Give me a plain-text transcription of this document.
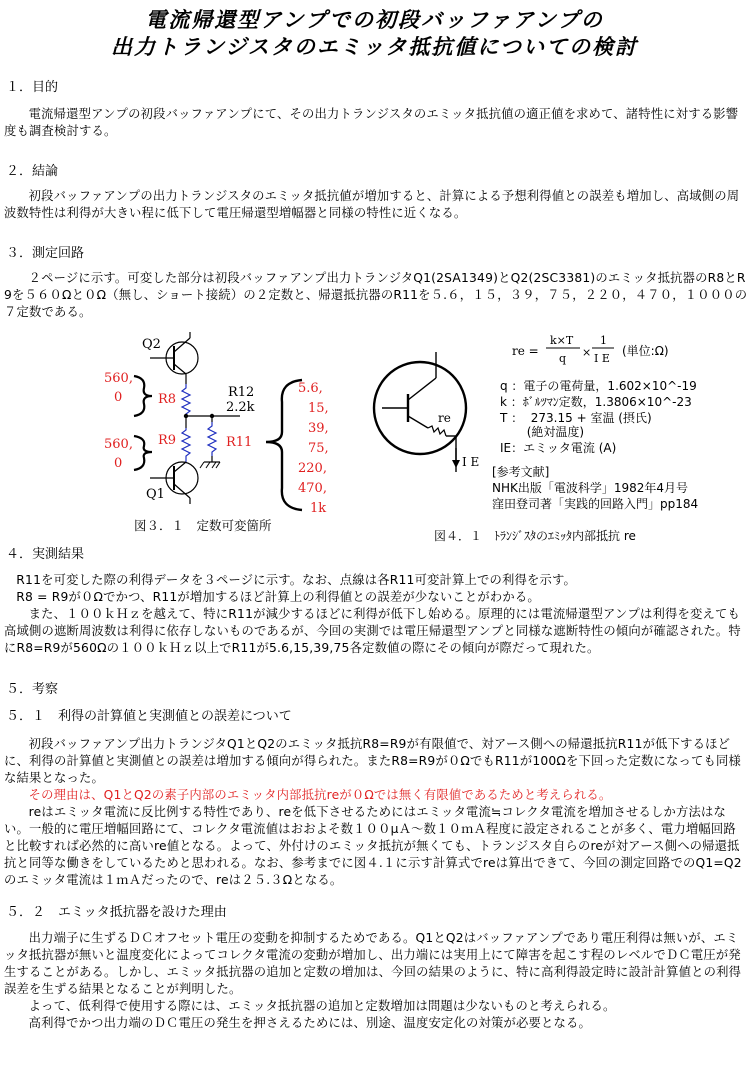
電流帰還型アンプでの初段バッファアンプの
出力トランジスタのエミッタ抵抗値についての検討
１．目的

電流帰還型アンプの初段バッファアンプにて、その出力トランジスタのエミッタ抵抗値の適正値を求めて、諸特性に対する影響度も調査検討する。

２．結論

初段バッファアンプの出力トランジスタのエミッタ抵抗値が増加すると、計算による予想利得値との誤差も増加し、高域側の周波数特性は利得が大きい程に低下して電圧帰還型増幅器と同様の特性に近くなる。

３．測定回路

２ページに示す。可変した部分は初段バッファアンプ出力トランジタQ1(2SA1349)とQ2(2SC3381)のエミッタ抵抗器のR8とR9を５６０Ωと０Ω（無し、ショート接続）の２定数と、帰還抵抗器のR11を５.６，１５，３９，７５，２２０，４７０，１０００の７定数である。

Q2
R8	R12
2.2k
R11
R9
Q1
560,
0
560,
0
5.6,
15,
39,
75,
220,
470,
1k
図３．１　定数可変箇所
re
I E
re =
k×T
q ×
1
I E
(単位:Ω)
q ：電子の電荷量，1.602×10^-19
k ：ﾎﾞﾙﾂﾏﾝ定数，1.3806×10^-23
T ：  273.15 + 室温 (摂氏)
(絶対温度)
IE：エミッタ電流 (A)
[参考文献]
NHK出版「電波科学」1982年4月号
窪田登司著「実践的回路入門」pp184
図４．１　ﾄﾗﾝｼﾞｽﾀのｴﾐｯﾀ内部抵抗 re
４．実測結果

R11を可変した際の利得データを３ページに示す。なお、点線は各R11可変計算上での利得を示す。

R8 = R9が０Ωでかつ、R11が増加するほど計算上の利得値との誤差が少ないことがわかる。

また、１００ｋＨｚを越えて、特にR11が減少するほどに利得が低下し始める。原理的には電流帰還型アンプは利得を変えても高域側の遮断周波数は利得に依存しないものであるが、今回の実測では電圧帰還型アンプと同様な遮断特性の傾向が確認された。特にR8=R9が560Ωの１００ｋＨｚ以上でR11が5.6,15,39,75各定数値の際にその傾向が際だって現れた。

５．考察
５．１　利得の計算値と実測値との誤差について

初段バッファアンプ出力トランジタQ1とQ2のエミッタ抵抗R8=R9が有限値で、対アース側への帰還抵抗R11が低下するほどに、利得の計算値と実測値との誤差は増加する傾向が得られた。またR8=R9が０ΩでもR11が100Ωを下回った定数になっても同様な結果となった。

その理由は、Q1とQ2の素子内部のエミッタ内部抵抗reが０Ωでは無く有限値であるためと考えられる。

reはエミッタ電流に反比例する特性であり、reを低下させるためにはエミッタ電流≒コレクタ電流を増加させるしか方法はない。一般的に電圧増幅回路にて、コレクタ電流値はおおよそ数１００μＡ～数１０ｍＡ程度に設定されることが多く、電力増幅回路と比較すれば必然的に高いre値となる。よって、外付けのエミッタ抵抗が無くても、トランジスタ自らのreが対アース側への帰還抵抗と同等な働きをしているためと思われる。なお、参考までに図４.１に示す計算式でreは算出できて、今回の測定回路でのQ1=Q2のエミッタ電流は１ｍＡだったので、reは２５.３Ωとなる。

５．２　エミッタ抵抗器を設けた理由

出力端子に生ずるＤＣオフセット電圧の変動を抑制するためである。Q1とQ2はバッファアンプであり電圧利得は無いが、エミッタ抵抗器が無いと温度変化によってコレクタ電流の変動が増加し、出力端には実用上にて障害を起こす程のレベルでＤＣ電圧が発生することがある。しかし、エミッタ抵抗器の追加と定数の増加は、今回の結果のように、特に高利得設定時に設計計算値との利得誤差を生ずる結果となることが判明した。

よって、低利得で使用する際には、エミッタ抵抗器の追加と定数増加は問題は少ないものと考えられる。

高利得でかつ出力端のＤＣ電圧の発生を押さえるためには、別途、温度安定化の対策が必要となる。
